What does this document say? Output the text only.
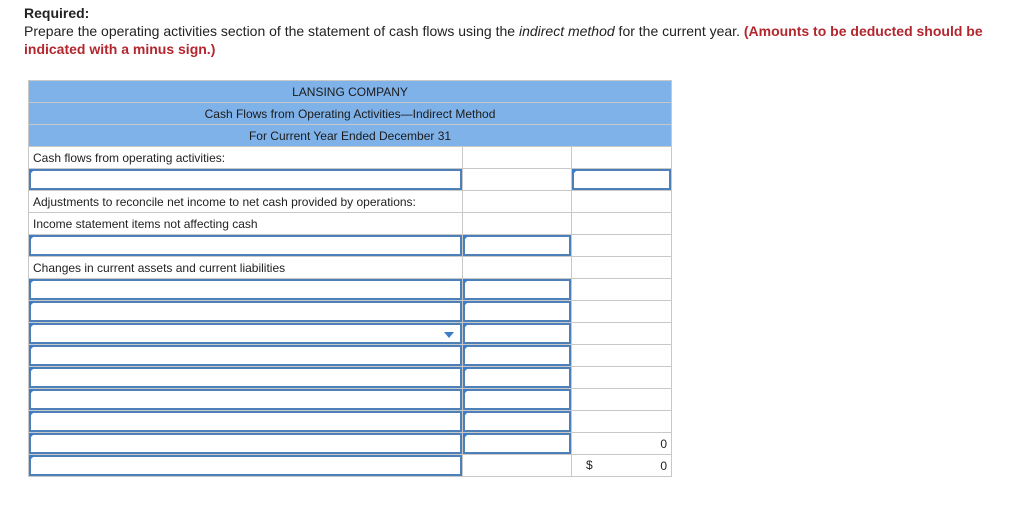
Required:
Prepare the operating activities section of the statement of cash flows using the indirect method for the current year. (Amounts to be deducted should be indicated with a minus sign.)
LANSING COMPANY		
Cash Flows from Operating Activities—Indirect Method		
For Current Year Ended December 31		
Cash flows from operating activities:		

Adjustments to reconcile net income to net cash provided by operations:		
Income statement items not affecting cash		

Changes in current assets and current liabilities		

	0

		$ 0
